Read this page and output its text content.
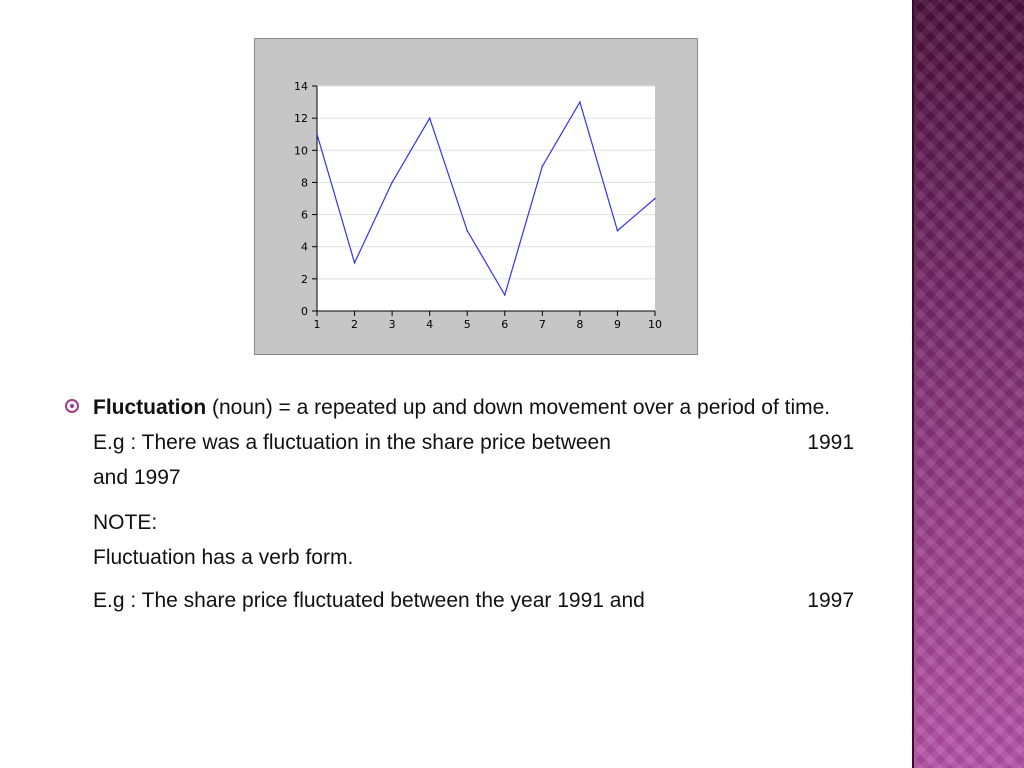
0
2
4
6
8
10
12
14
1	2	3	4	5	6	7	8	9 10
Fluctuation (noun) = a repeated up and down movement over a period of time.
E.g : There was a fluctuation in the share price between	1991
and 1997
NOTE:
Fluctuation has a verb form.
E.g : The share price fluctuated between the year 1991 and	1997
